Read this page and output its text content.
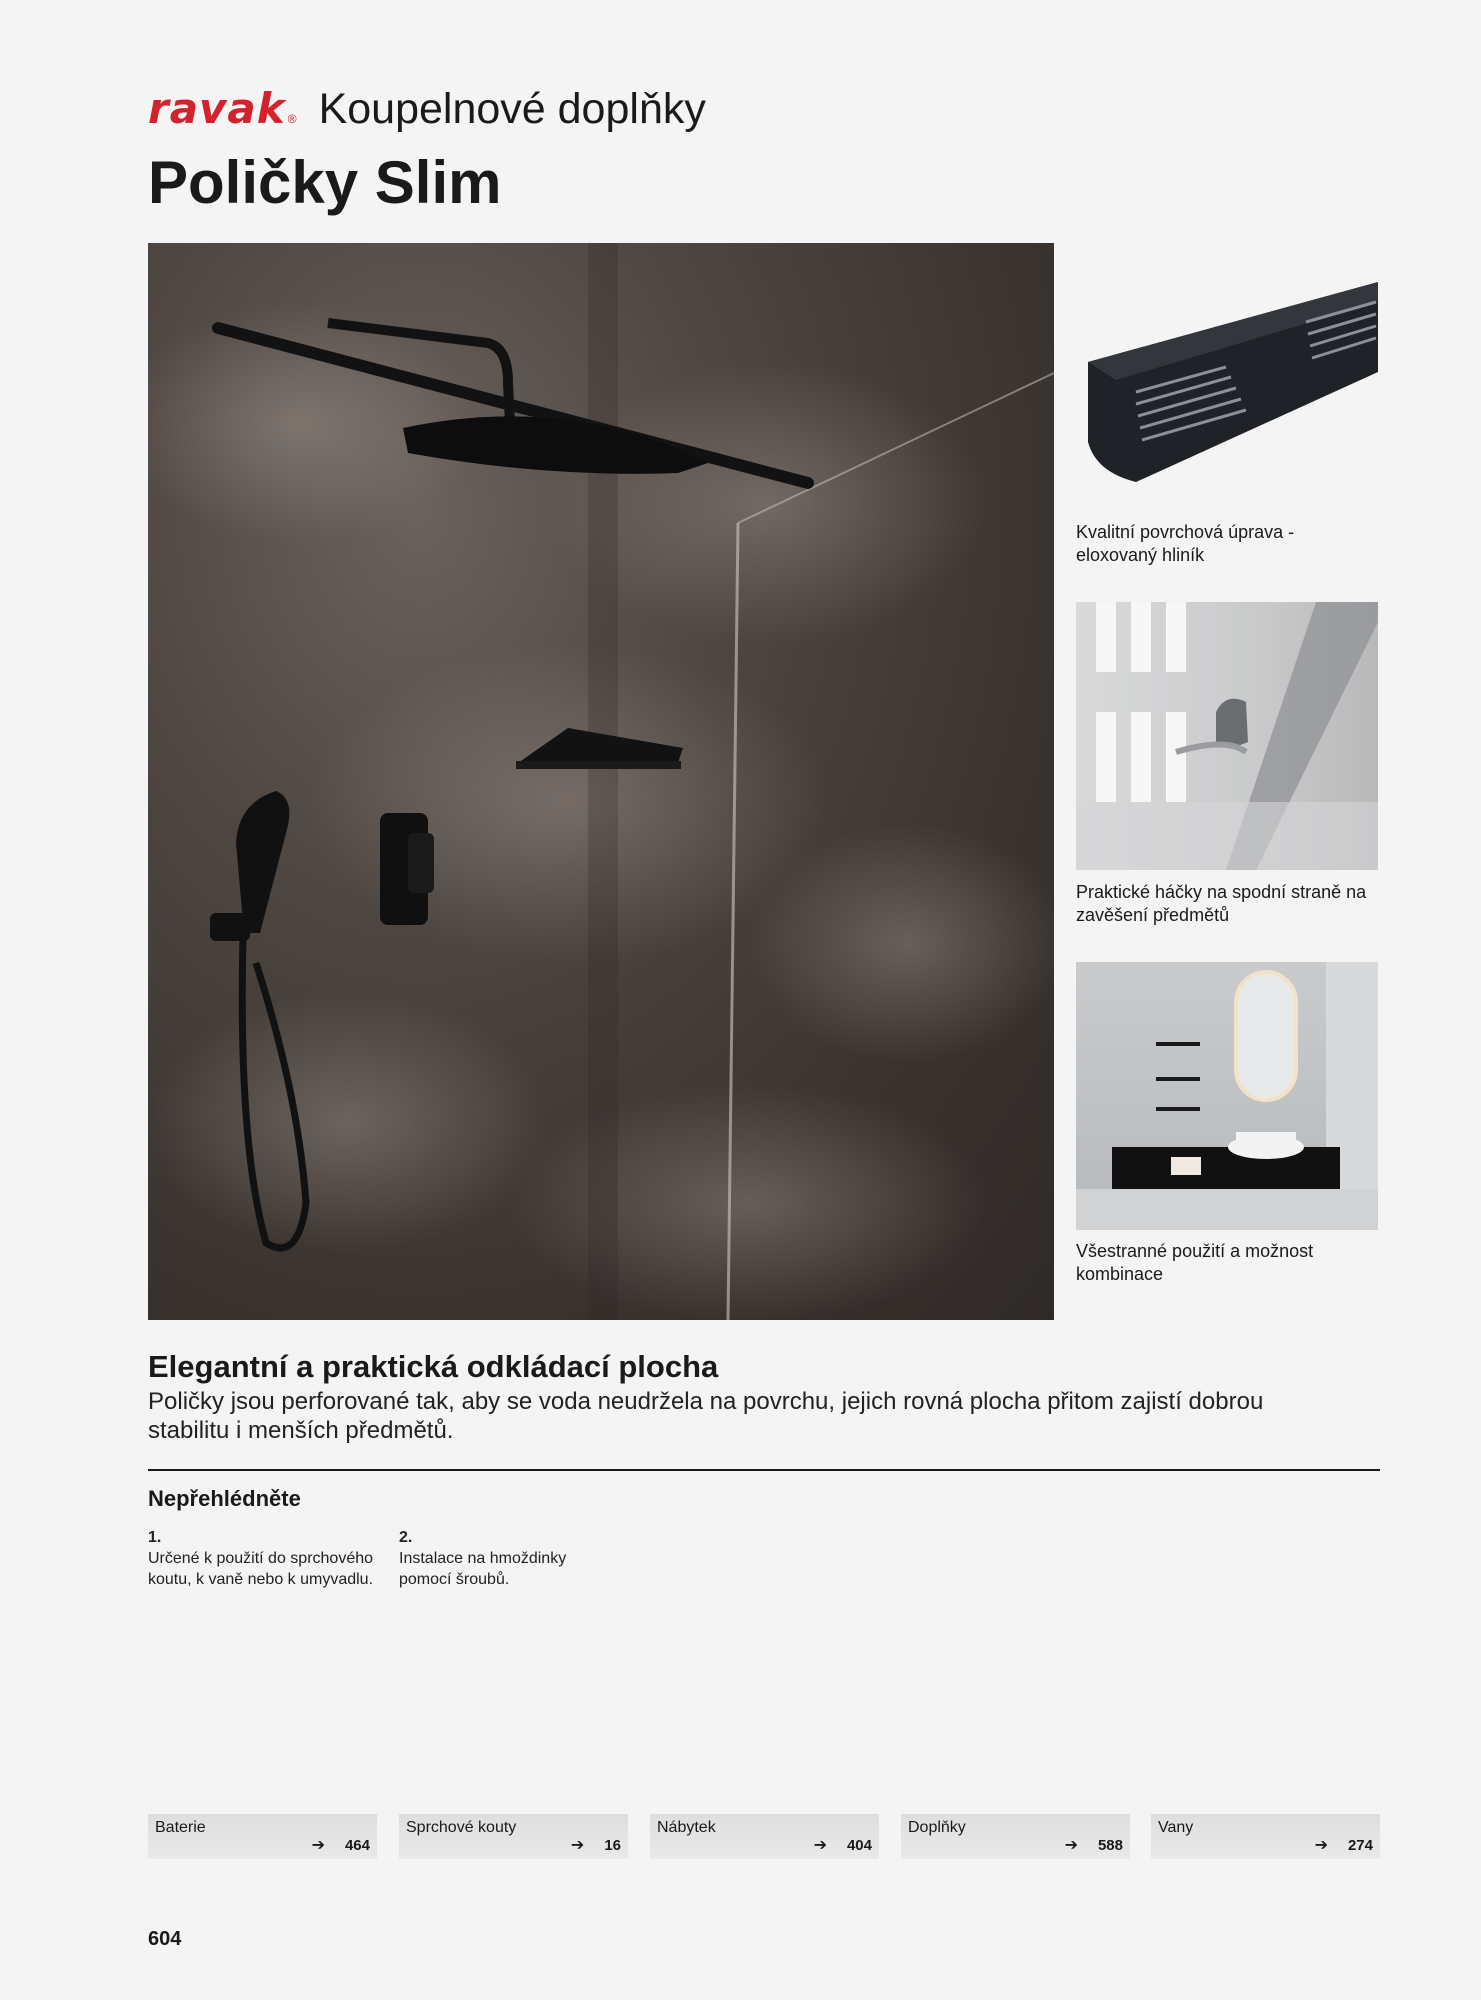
ravak ® Koupelnové doplňky
Poličky Slim
Kvalitní povrchová úprava - eloxovaný hliník
Praktické háčky na spodní straně na zavěšení předmětů
Všestranné použití a možnost kombinace
Elegantní a praktická odkládací plocha
Poličky jsou perforované tak, aby se voda neudržela na povrchu, jejich rovná plocha přitom zajistí dobrou stabilitu i menších předmětů.
Nepřehlédněte
1.
Určené k použití do sprchového koutu, k vaně nebo k umyvadlu.
2.
Instalace na hmoždinky pomocí šroubů.
Baterie
➔ 464
Sprchové kouty
➔ 16
Nábytek
➔ 404
Doplňky
➔ 588
Vany
➔ 274
604
